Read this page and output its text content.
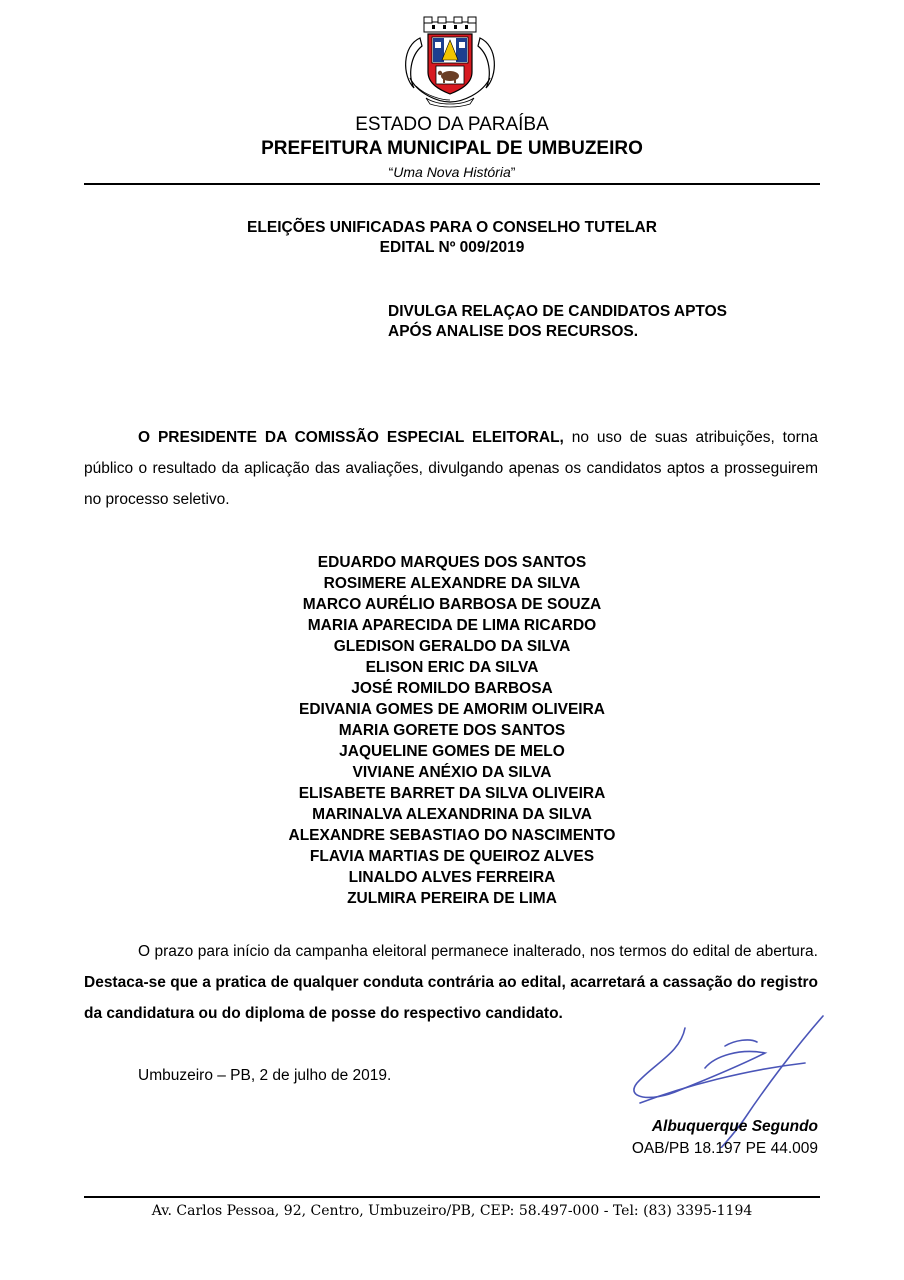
ESTADO DA PARAÍBA
PREFEITURA MUNICIPAL DE UMBUZEIRO
“Uma Nova História”
ELEIÇÕES UNIFICADAS PARA O CONSELHO TUTELAR
EDITAL Nº 009/2019
DIVULGA RELAÇAO DE CANDIDATOS APTOS
APÓS ANALISE DOS RECURSOS.
O PRESIDENTE DA COMISSÃO ESPECIAL ELEITORAL, no uso de suas atribuições, torna público o resultado da aplicação das avaliações, divulgando apenas os candidatos aptos a prosseguirem no processo seletivo.
EDUARDO MARQUES DOS SANTOS
ROSIMERE ALEXANDRE DA SILVA
MARCO AURÉLIO BARBOSA DE SOUZA
MARIA APARECIDA DE LIMA RICARDO
GLEDISON GERALDO DA SILVA
ELISON ERIC DA SILVA
JOSÉ ROMILDO BARBOSA
EDIVANIA GOMES DE AMORIM OLIVEIRA
MARIA GORETE DOS SANTOS
JAQUELINE GOMES DE MELO
VIVIANE ANÉXIO DA SILVA
ELISABETE BARRET DA SILVA OLIVEIRA
MARINALVA ALEXANDRINA DA SILVA
ALEXANDRE SEBASTIAO DO NASCIMENTO
FLAVIA MARTIAS DE QUEIROZ ALVES
LINALDO ALVES FERREIRA
ZULMIRA PEREIRA DE LIMA
O prazo para início da campanha eleitoral permanece inalterado, nos termos do edital de abertura. Destaca-se que a pratica de qualquer conduta contrária ao edital, acarretará a cassação do registro da candidatura ou do diploma de posse do respectivo candidato.
Umbuzeiro – PB, 2 de julho de 2019.
Albuquerque Segundo
OAB/PB 18.197 PE 44.009
Av. Carlos Pessoa, 92, Centro, Umbuzeiro/PB, CEP: 58.497-000 - Tel: (83) 3395-1194
